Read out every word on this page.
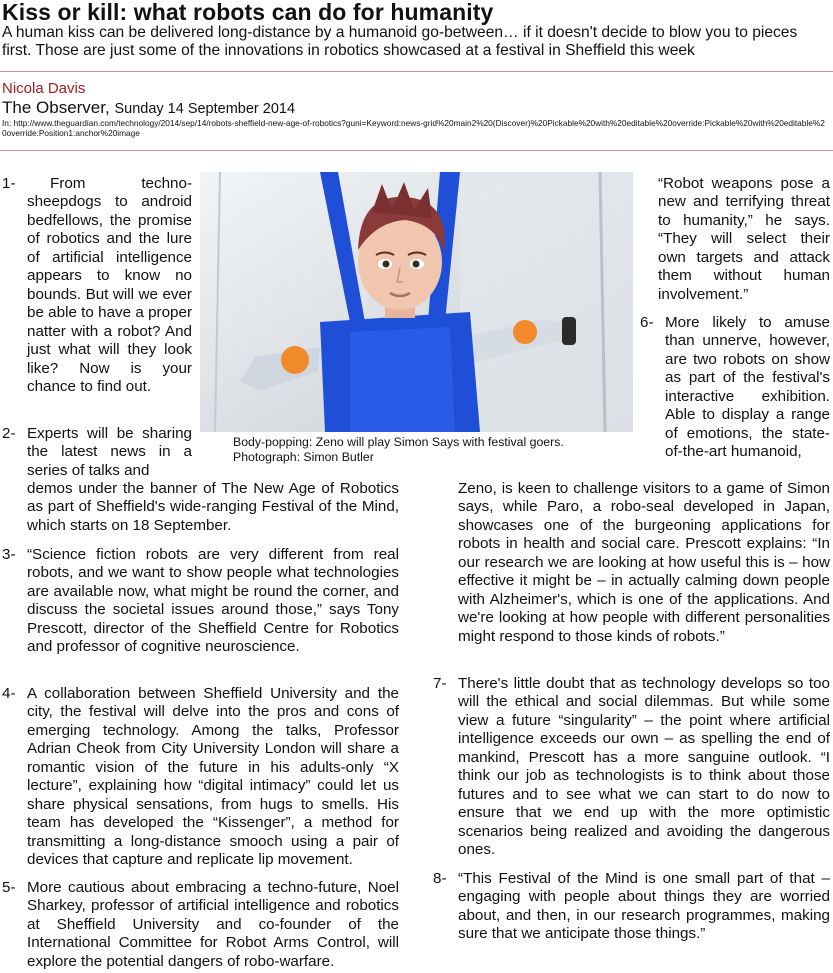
Kiss or kill: what robots can do for humanity
A human kiss can be delivered long-distance by a humanoid go-between… if it doesn't decide to blow you to pieces first. Those are just some of the innovations in robotics showcased at a festival in Sheffield this week
Nicola Davis
The Observer, Sunday 14 September 2014
In: http://www.theguardian.com/technology/2014/sep/14/robots-sheffield-new-age-of-robotics?guni=Keyword:news-grid%20main2%20(Discover)%20Pickable%20with%20editable%20override:Pickable%20with%20editable%20override:Position1:anchor%20image
Body-popping: Zeno will play Simon Says with festival goers.
Photograph: Simon Butler
1-	From techno-sheepdogs to android bedfellows, the promise of robotics and the lure of artificial intelligence appears to know no bounds. But will we ever be able to have a proper natter with a robot? And just what will they look like? Now is your chance to find out.

2- Experts will be sharing the latest news in a series of talks and

demos under the banner of The New Age of Robotics as part of Sheffield's wide-ranging Festival of the Mind, which starts on 18 September.

3- “Science fiction robots are very different from real robots, and we want to show people what technologies are available now, what might be round the corner, and discuss the societal issues around those,” says Tony Prescott, director of the Sheffield Centre for Robotics and professor of cognitive neuroscience.

4- A collaboration between Sheffield University and the city, the festival will delve into the pros and cons of emerging technology. Among the talks, Professor Adrian Cheok from City University London will share a romantic vision of the future in his adults-only “X lecture”, explaining how “digital intimacy” could let us share physical sensations, from hugs to smells. His team has developed the “Kissenger”, a method for transmitting a long-distance smooch using a pair of devices that capture and replicate lip movement.

5- More cautious about embracing a techno-future, Noel Sharkey, professor of artificial intelligence and robotics at Sheffield University and co-founder of the International Committee for Robot Arms Control, will explore the potential dangers of robo-warfare.

“Robot weapons pose a new and terrifying threat to humanity,” he says. “They will select their own targets and attack them without human involvement.”

6- More likely to amuse than unnerve, however, are two robots on show as part of the festival's interactive exhibition. Able to display a range of emotions, the state-of-the-art humanoid,

Zeno, is keen to challenge visitors to a game of Simon says, while Paro, a robo-seal developed in Japan, showcases one of the burgeoning applications for robots in health and social care. Prescott explains: “In our research we are looking at how useful this is – how effective it might be – in actually calming down people with Alzheimer's, which is one of the applications. And we're looking at how people with different personalities might respond to those kinds of robots.”

7- There's little doubt that as technology develops so too will the ethical and social dilemmas. But while some view a future “singularity” – the point where artificial intelligence exceeds our own – as spelling the end of mankind, Prescott has a more sanguine outlook. “I think our job as technologists is to think about those futures and to see what we can start to do now to ensure that we end up with the more optimistic scenarios being realized and avoiding the dangerous ones.

8- “This Festival of the Mind is one small part of that – engaging with people about things they are worried about, and then, in our research programmes, making sure that we anticipate those things.”
